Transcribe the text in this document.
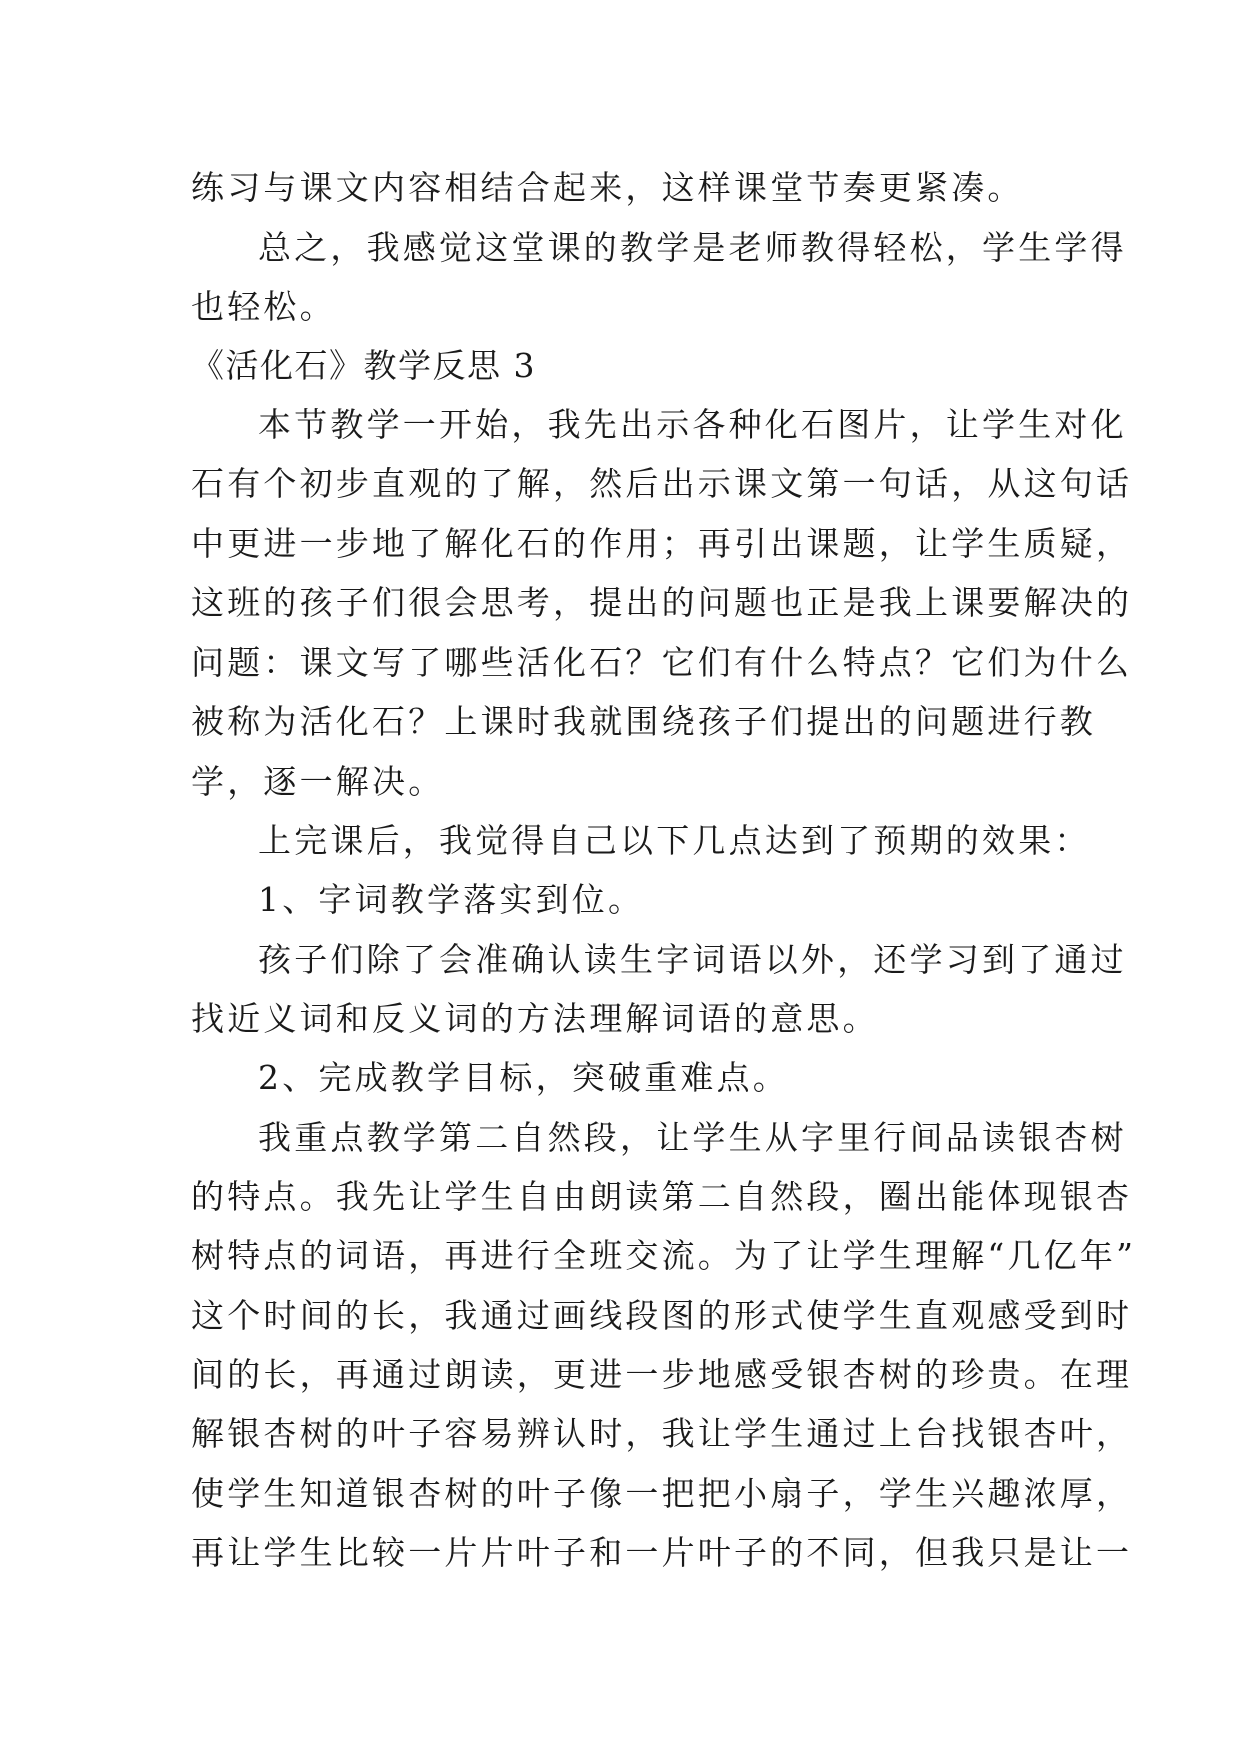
练习与课文内容相结合起来，这样课堂节奏更紧凑。
总之，我感觉这堂课的教学是老师教得轻松，学生学得
也轻松。
《活化石》教学反思 3
本节教学一开始，我先出示各种化石图片，让学生对化
石有个初步直观的了解，然后出示课文第一句话，从这句话
中更进一步地了解化石的作用；再引出课题，让学生质疑，
这班的孩子们很会思考，提出的问题也正是我上课要解决的
问题：课文写了哪些活化石？它们有什么特点？它们为什么
被称为活化石？上课时我就围绕孩子们提出的问题进行教
学，逐一解决。
上完课后，我觉得自己以下几点达到了预期的效果：
1、字词教学落实到位。
孩子们除了会准确认读生字词语以外，还学习到了通过
找近义词和反义词的方法理解词语的意思。
2、完成教学目标，突破重难点。
我重点教学第二自然段，让学生从字里行间品读银杏树
的特点。我先让学生自由朗读第二自然段，圈出能体现银杏
树特点的词语，再进行全班交流。为了让学生理解“几亿年”
这个时间的长，我通过画线段图的形式使学生直观感受到时
间的长，再通过朗读，更进一步地感受银杏树的珍贵。在理
解银杏树的叶子容易辨认时，我让学生通过上台找银杏叶，
使学生知道银杏树的叶子像一把把小扇子，学生兴趣浓厚，
再让学生比较一片片叶子和一片叶子的不同，但我只是让一
